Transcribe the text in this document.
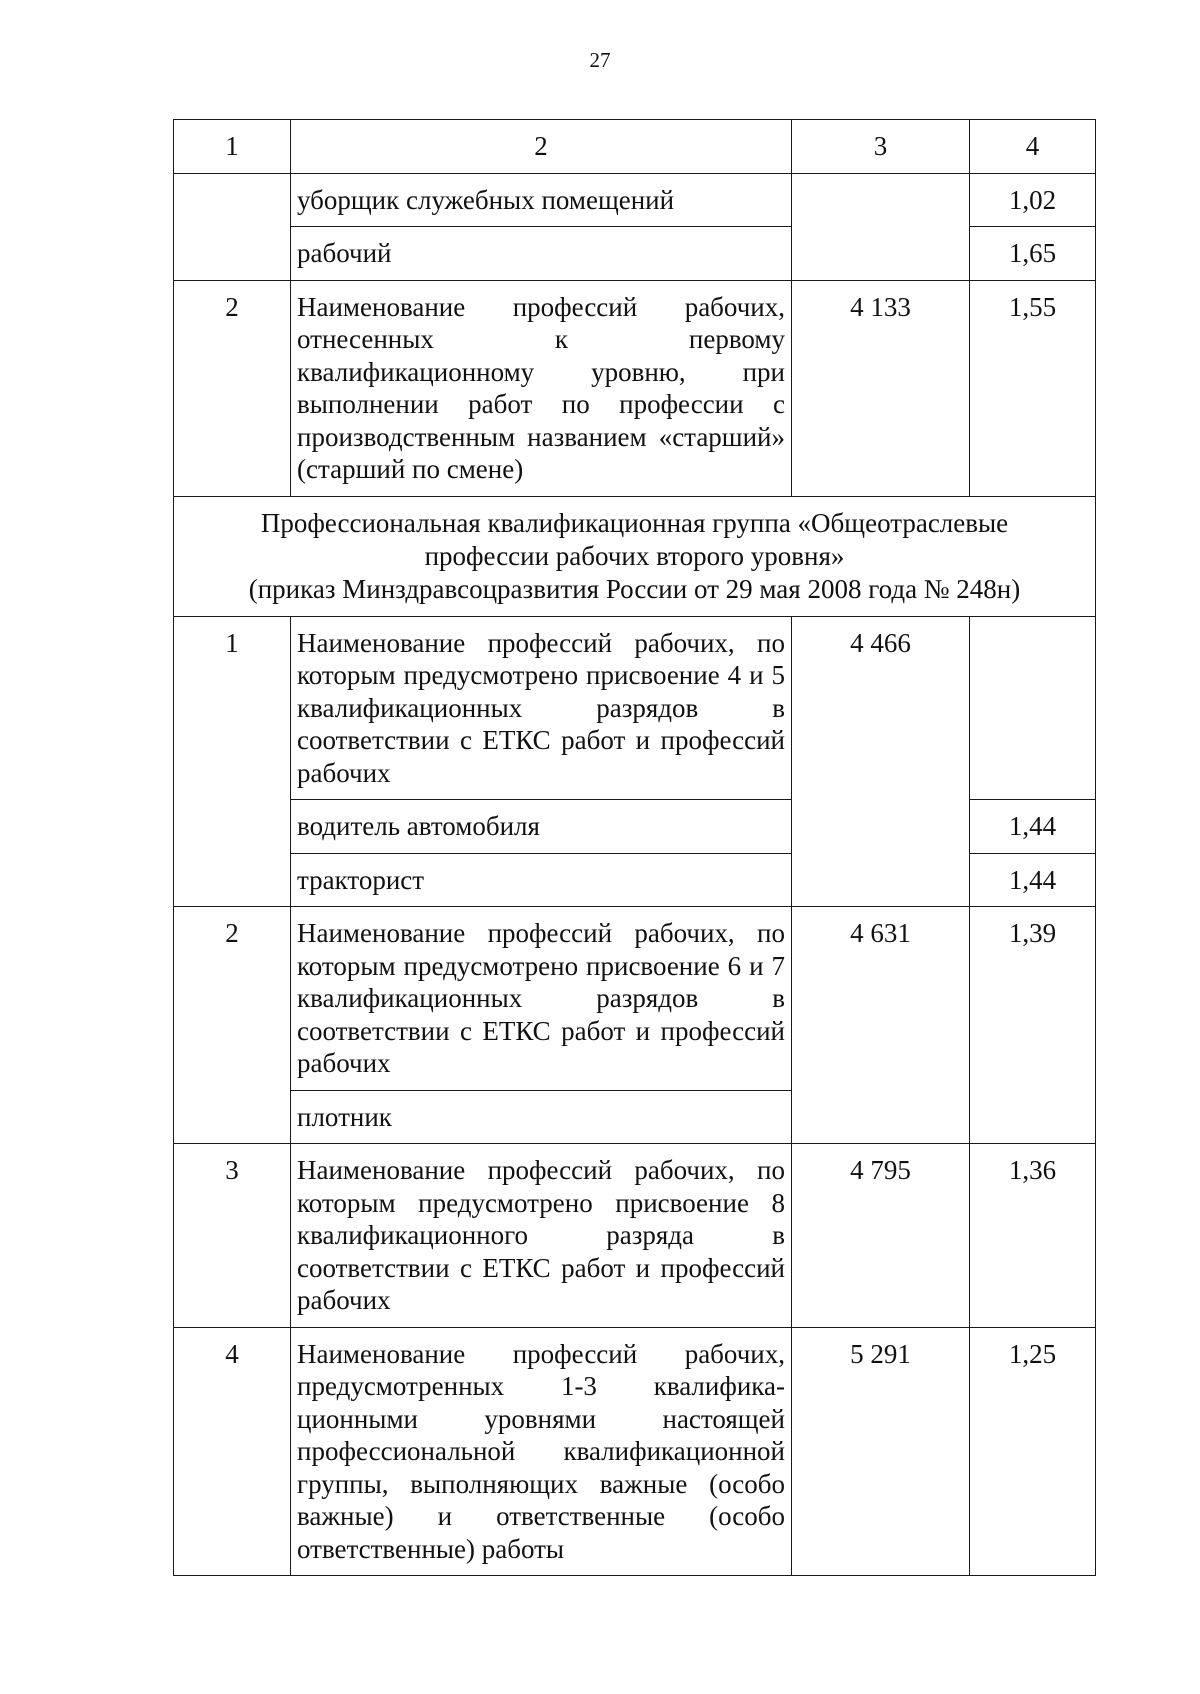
27
1	2	3	4
	уборщик служебных помещений		1,02
	рабочий		1,65
2	Наименование профессий рабочих, отнесенных к первому квалификационному уровню, при выполнении работ по профессии с производственным названием «старший» (старший по смене)	4 133	1,55

Профессиональная квалификационная группа «Общеотраслевые
профессии рабочих второго уровня»
(приказ Минздравсоцразвития России от 29 мая 2008 года № 248н)			

1	Наименование профессий рабочих, по которым предусмотрено присвоение 4 и 5 квалификационных разрядов в соответствии с ЕТКС работ и профессий рабочих	4 466	
	водитель автомобиля		1,44
	тракторист		1,44
2	Наименование профессий рабочих, по которым предусмотрено присвоение 6 и 7 квалификационных разрядов в соответствии с ЕТКС работ и профессий рабочих	4 631	1,39
	плотник		
3	Наименование профессий рабочих, по которым предусмотрено присвоение 8 квалификационного разряда в соответствии с ЕТКС работ и профессий рабочих	4 795	1,36
4	Наименование профессий рабочих, предусмотренных 1-3 квалифика-ционными уровнями настоящей профессиональной квалификационной группы, выполняющих важные (особо важные) и ответственные (особо ответственные) работы	5 291	1,25
